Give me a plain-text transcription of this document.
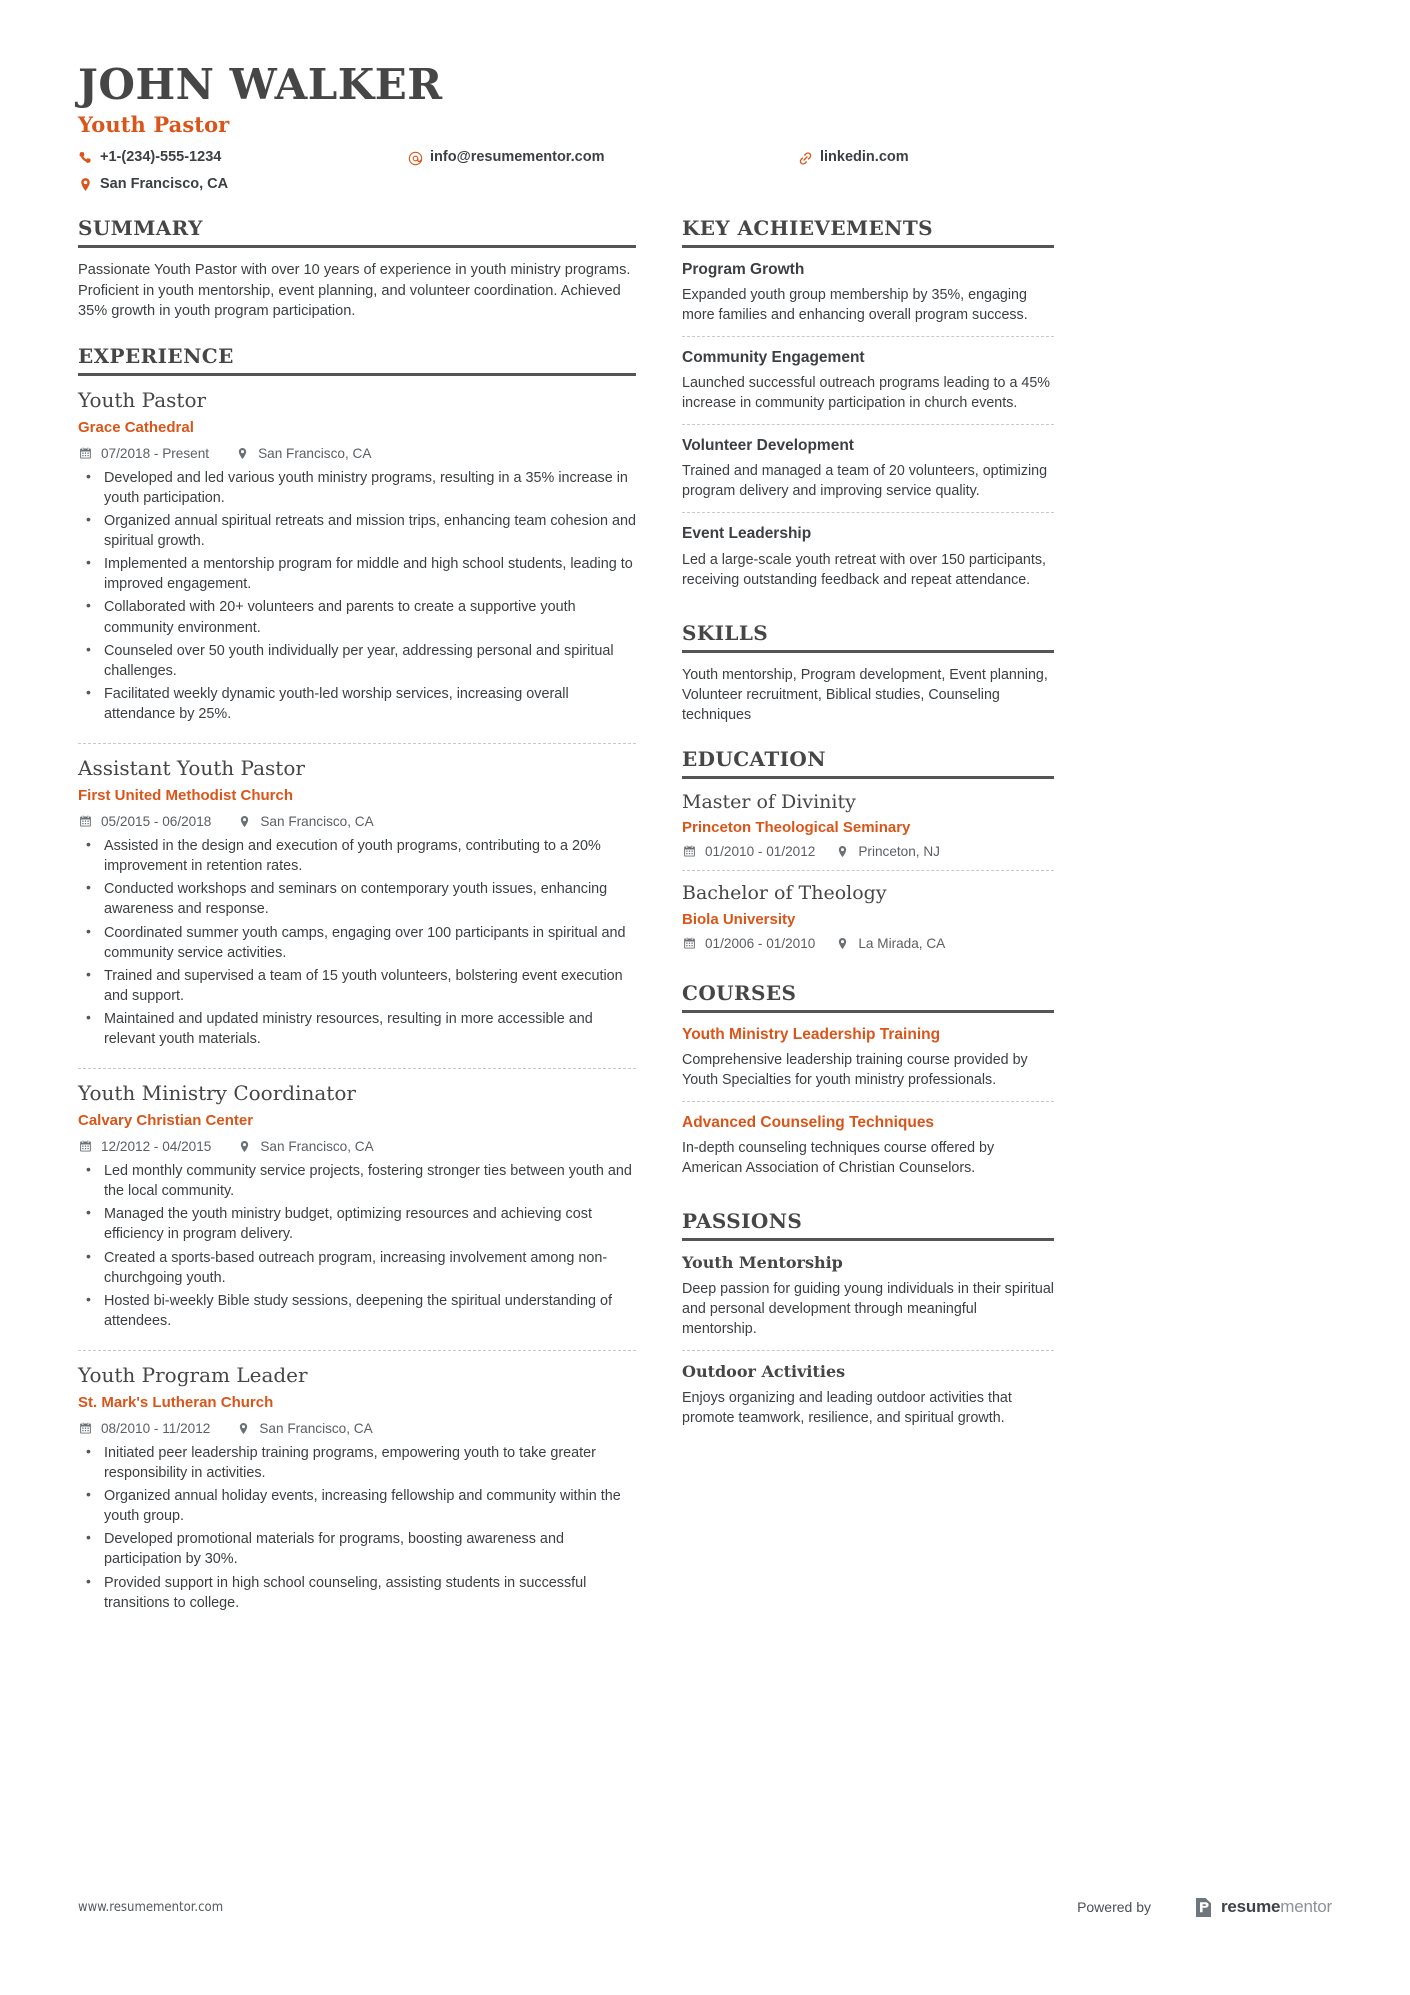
JOHN WALKER
Youth Pastor
+1-(234)-555-1234	info@resumementor.com	linkedin.com
San Francisco, CA
SUMMARY
Passionate Youth Pastor with over 10 years of experience in youth ministry programs. Proficient in youth mentorship, event planning, and volunteer coordination. Achieved 35% growth in youth program participation.
EXPERIENCE
Youth Pastor
Grace Cathedral
07/2018 - Present	San Francisco, CA
• Developed and led various youth ministry programs, resulting in a 35% increase in youth participation.
• Organized annual spiritual retreats and mission trips, enhancing team cohesion and spiritual growth.
• Implemented a mentorship program for middle and high school students, leading to improved engagement.
• Collaborated with 20+ volunteers and parents to create a supportive youth community environment.
• Counseled over 50 youth individually per year, addressing personal and spiritual challenges.
• Facilitated weekly dynamic youth-led worship services, increasing overall attendance by 25%.
Assistant Youth Pastor
First United Methodist Church
05/2015 - 06/2018	San Francisco, CA
• Assisted in the design and execution of youth programs, contributing to a 20% improvement in retention rates.
• Conducted workshops and seminars on contemporary youth issues, enhancing awareness and response.
• Coordinated summer youth camps, engaging over 100 participants in spiritual and community service activities.
• Trained and supervised a team of 15 youth volunteers, bolstering event execution and support.
• Maintained and updated ministry resources, resulting in more accessible and relevant youth materials.
Youth Ministry Coordinator
Calvary Christian Center
12/2012 - 04/2015	San Francisco, CA
• Led monthly community service projects, fostering stronger ties between youth and the local community.
• Managed the youth ministry budget, optimizing resources and achieving cost efficiency in program delivery.
• Created a sports-based outreach program, increasing involvement among non-churchgoing youth.
• Hosted bi-weekly Bible study sessions, deepening the spiritual understanding of attendees.
Youth Program Leader
St. Mark's Lutheran Church
08/2010 - 11/2012	San Francisco, CA
• Initiated peer leadership training programs, empowering youth to take greater responsibility in activities.
• Organized annual holiday events, increasing fellowship and community within the youth group.
• Developed promotional materials for programs, boosting awareness and participation by 30%.
• Provided support in high school counseling, assisting students in successful transitions to college.
KEY ACHIEVEMENTS
Program Growth
Expanded youth group membership by 35%, engaging more families and enhancing overall program success.
Community Engagement
Launched successful outreach programs leading to a 45% increase in community participation in church events.
Volunteer Development
Trained and managed a team of 20 volunteers, optimizing program delivery and improving service quality.
Event Leadership
Led a large-scale youth retreat with over 150 participants, receiving outstanding feedback and repeat attendance.
SKILLS
Youth mentorship, Program development, Event planning, Volunteer recruitment, Biblical studies, Counseling techniques
EDUCATION
Master of Divinity
Princeton Theological Seminary
01/2010 - 01/2012	Princeton, NJ
Bachelor of Theology
Biola University
01/2006 - 01/2010	La Mirada, CA
COURSES
Youth Ministry Leadership Training
Comprehensive leadership training course provided by Youth Specialties for youth ministry professionals.
Advanced Counseling Techniques
In-depth counseling techniques course offered by American Association of Christian Counselors.
PASSIONS
Youth Mentorship
Deep passion for guiding young individuals in their spiritual and personal development through meaningful mentorship.
Outdoor Activities
Enjoys organizing and leading outdoor activities that promote teamwork, resilience, and spiritual growth.
www.resumementor.com	Powered by	resumementor
